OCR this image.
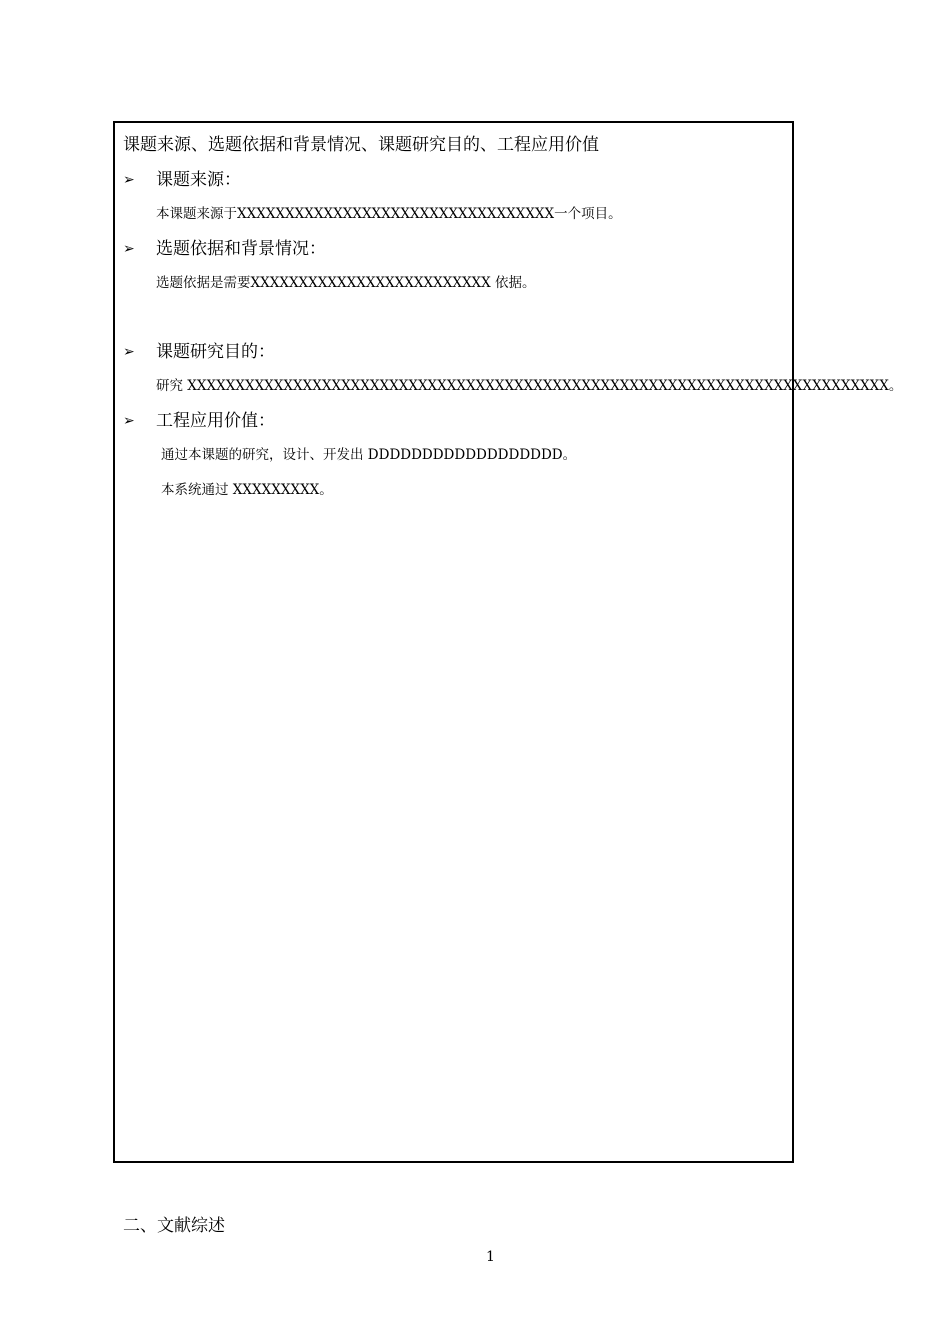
课题来源、选题依据和背景情况、课题研究目的、工程应用价值
➢ 课题来源：
本课题来源于XXXXXXXXXXXXXXXXXXXXXXXXXXXXXXXXX一个项目。
➢ 选题依据和背景情况：
选题依据是需要XXXXXXXXXXXXXXXXXXXXXXXXX 依据。
➢ 课题研究目的：
研究 XXXXXXXXXXXXXXXXXXXXXXXXXXXXXXXXXXXXXXXXXXXXXXXXXXXXXXXXXXXXXXXXXXXXXXXXX。
➢ 工程应用价值：
通过本课题的研究，设计、开发出 DDDDDDDDDDDDDDDDDD。
本系统通过 XXXXXXXXX。
二、文献综述
1
